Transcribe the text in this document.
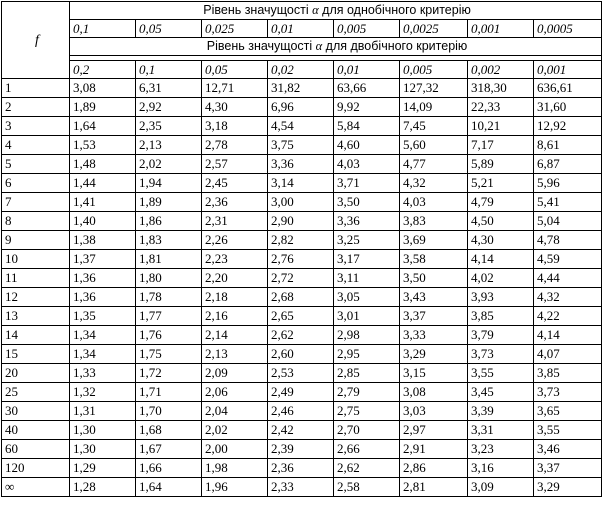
f	Рівень значущості α для однобічного критерію							
	0,1	0,05	0,025	0,01	0,005	0,0025	0,001	0,0005
	Рівень значущості α для двобічного критерію							

	0,2	0,1	0,05	0,02	0,01	0,005	0,002	0,001
1	3,08	6,31	12,71	31,82	63,66	127,32	318,30	636,61
2	1,89	2,92	4,30	6,96	9,92	14,09	22,33	31,60
3	1,64	2,35	3,18	4,54	5,84	7,45	10,21	12,92
4	1,53	2,13	2,78	3,75	4,60	5,60	7,17	8,61
5	1,48	2,02	2,57	3,36	4,03	4,77	5,89	6,87
6	1,44	1,94	2,45	3,14	3,71	4,32	5,21	5,96
7	1,41	1,89	2,36	3,00	3,50	4,03	4,79	5,41
8	1,40	1,86	2,31	2,90	3,36	3,83	4,50	5,04
9	1,38	1,83	2,26	2,82	3,25	3,69	4,30	4,78
10	1,37	1,81	2,23	2,76	3,17	3,58	4,14	4,59
11	1,36	1,80	2,20	2,72	3,11	3,50	4,02	4,44
12	1,36	1,78	2,18	2,68	3,05	3,43	3,93	4,32
13	1,35	1,77	2,16	2,65	3,01	3,37	3,85	4,22
14	1,34	1,76	2,14	2,62	2,98	3,33	3,79	4,14
15	1,34	1,75	2,13	2,60	2,95	3,29	3,73	4,07
20	1,33	1,72	2,09	2,53	2,85	3,15	3,55	3,85
25	1,32	1,71	2,06	2,49	2,79	3,08	3,45	3,73
30	1,31	1,70	2,04	2,46	2,75	3,03	3,39	3,65
40	1,30	1,68	2,02	2,42	2,70	2,97	3,31	3,55
60	1,30	1,67	2,00	2,39	2,66	2,91	3,23	3,46
120	1,29	1,66	1,98	2,36	2,62	2,86	3,16	3,37
∞	1,28	1,64	1,96	2,33	2,58	2,81	3,09	3,29
